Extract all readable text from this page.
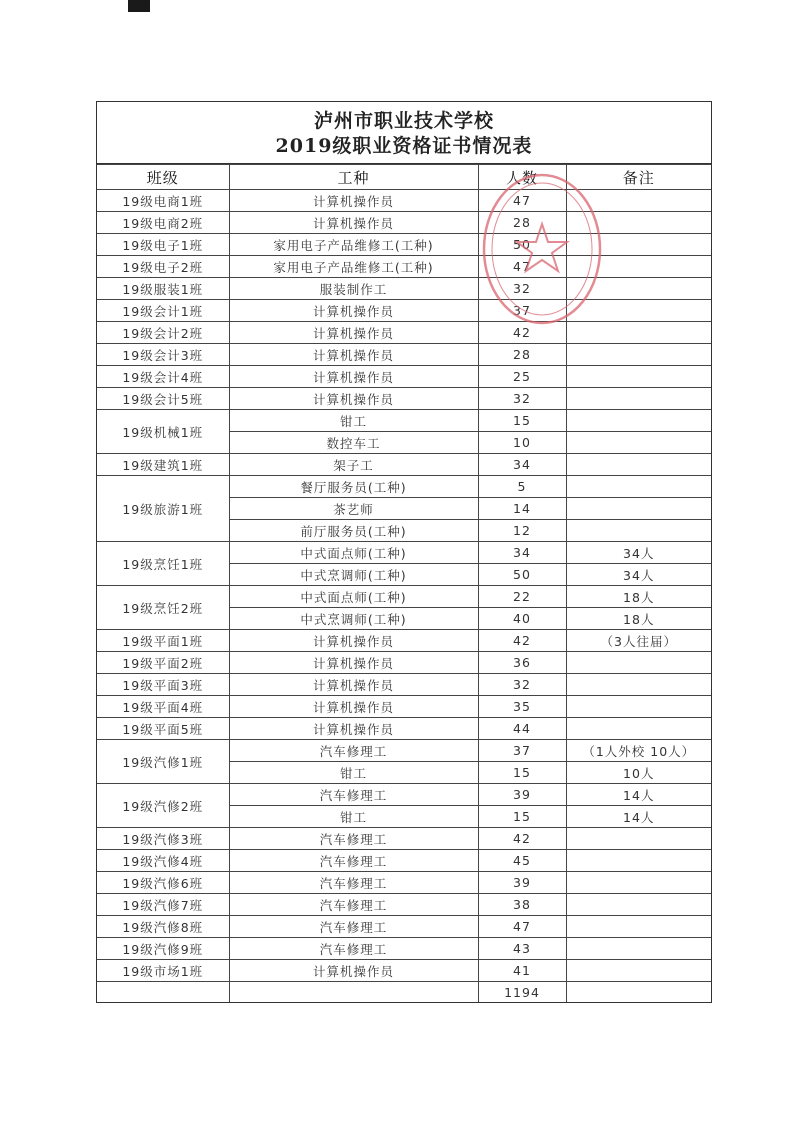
泸州市职业技术学校
2019级职业资格证书情况表
班级	工种	人数	备注
19级电商1班	计算机操作员	47	
19级电商2班	计算机操作员	28	
19级电子1班	家用电子产品维修工(工种)	50	
19级电子2班	家用电子产品维修工(工种)	47	
19级服装1班	服装制作工	32	
19级会计1班	计算机操作员	37	
19级会计2班	计算机操作员	42	
19级会计3班	计算机操作员	28	
19级会计4班	计算机操作员	25	
19级会计5班	计算机操作员	32	
19级机械1班	钳工	15	
	数控车工	10	
19级建筑1班	架子工	34	
19级旅游1班	餐厅服务员(工种)	5	
	茶艺师	14	
	前厅服务员(工种)	12	
19级烹饪1班	中式面点师(工种)	34	34人
	中式烹调师(工种)	50	34人
19级烹饪2班	中式面点师(工种)	22	18人
	中式烹调师(工种)	40	18人
19级平面1班	计算机操作员	42	（3人往届）
19级平面2班	计算机操作员	36	
19级平面3班	计算机操作员	32	
19级平面4班	计算机操作员	35	
19级平面5班	计算机操作员	44	
19级汽修1班	汽车修理工	37	（1人外校 10人）
	钳工	15	10人
19级汽修2班	汽车修理工	39	14人
	钳工	15	14人
19级汽修3班	汽车修理工	42	
19级汽修4班	汽车修理工	45	
19级汽修6班	汽车修理工	39	
19级汽修7班	汽车修理工	38	
19级汽修8班	汽车修理工	47	
19级汽修9班	汽车修理工	43	
19级市场1班	计算机操作员	41	
		1194	
